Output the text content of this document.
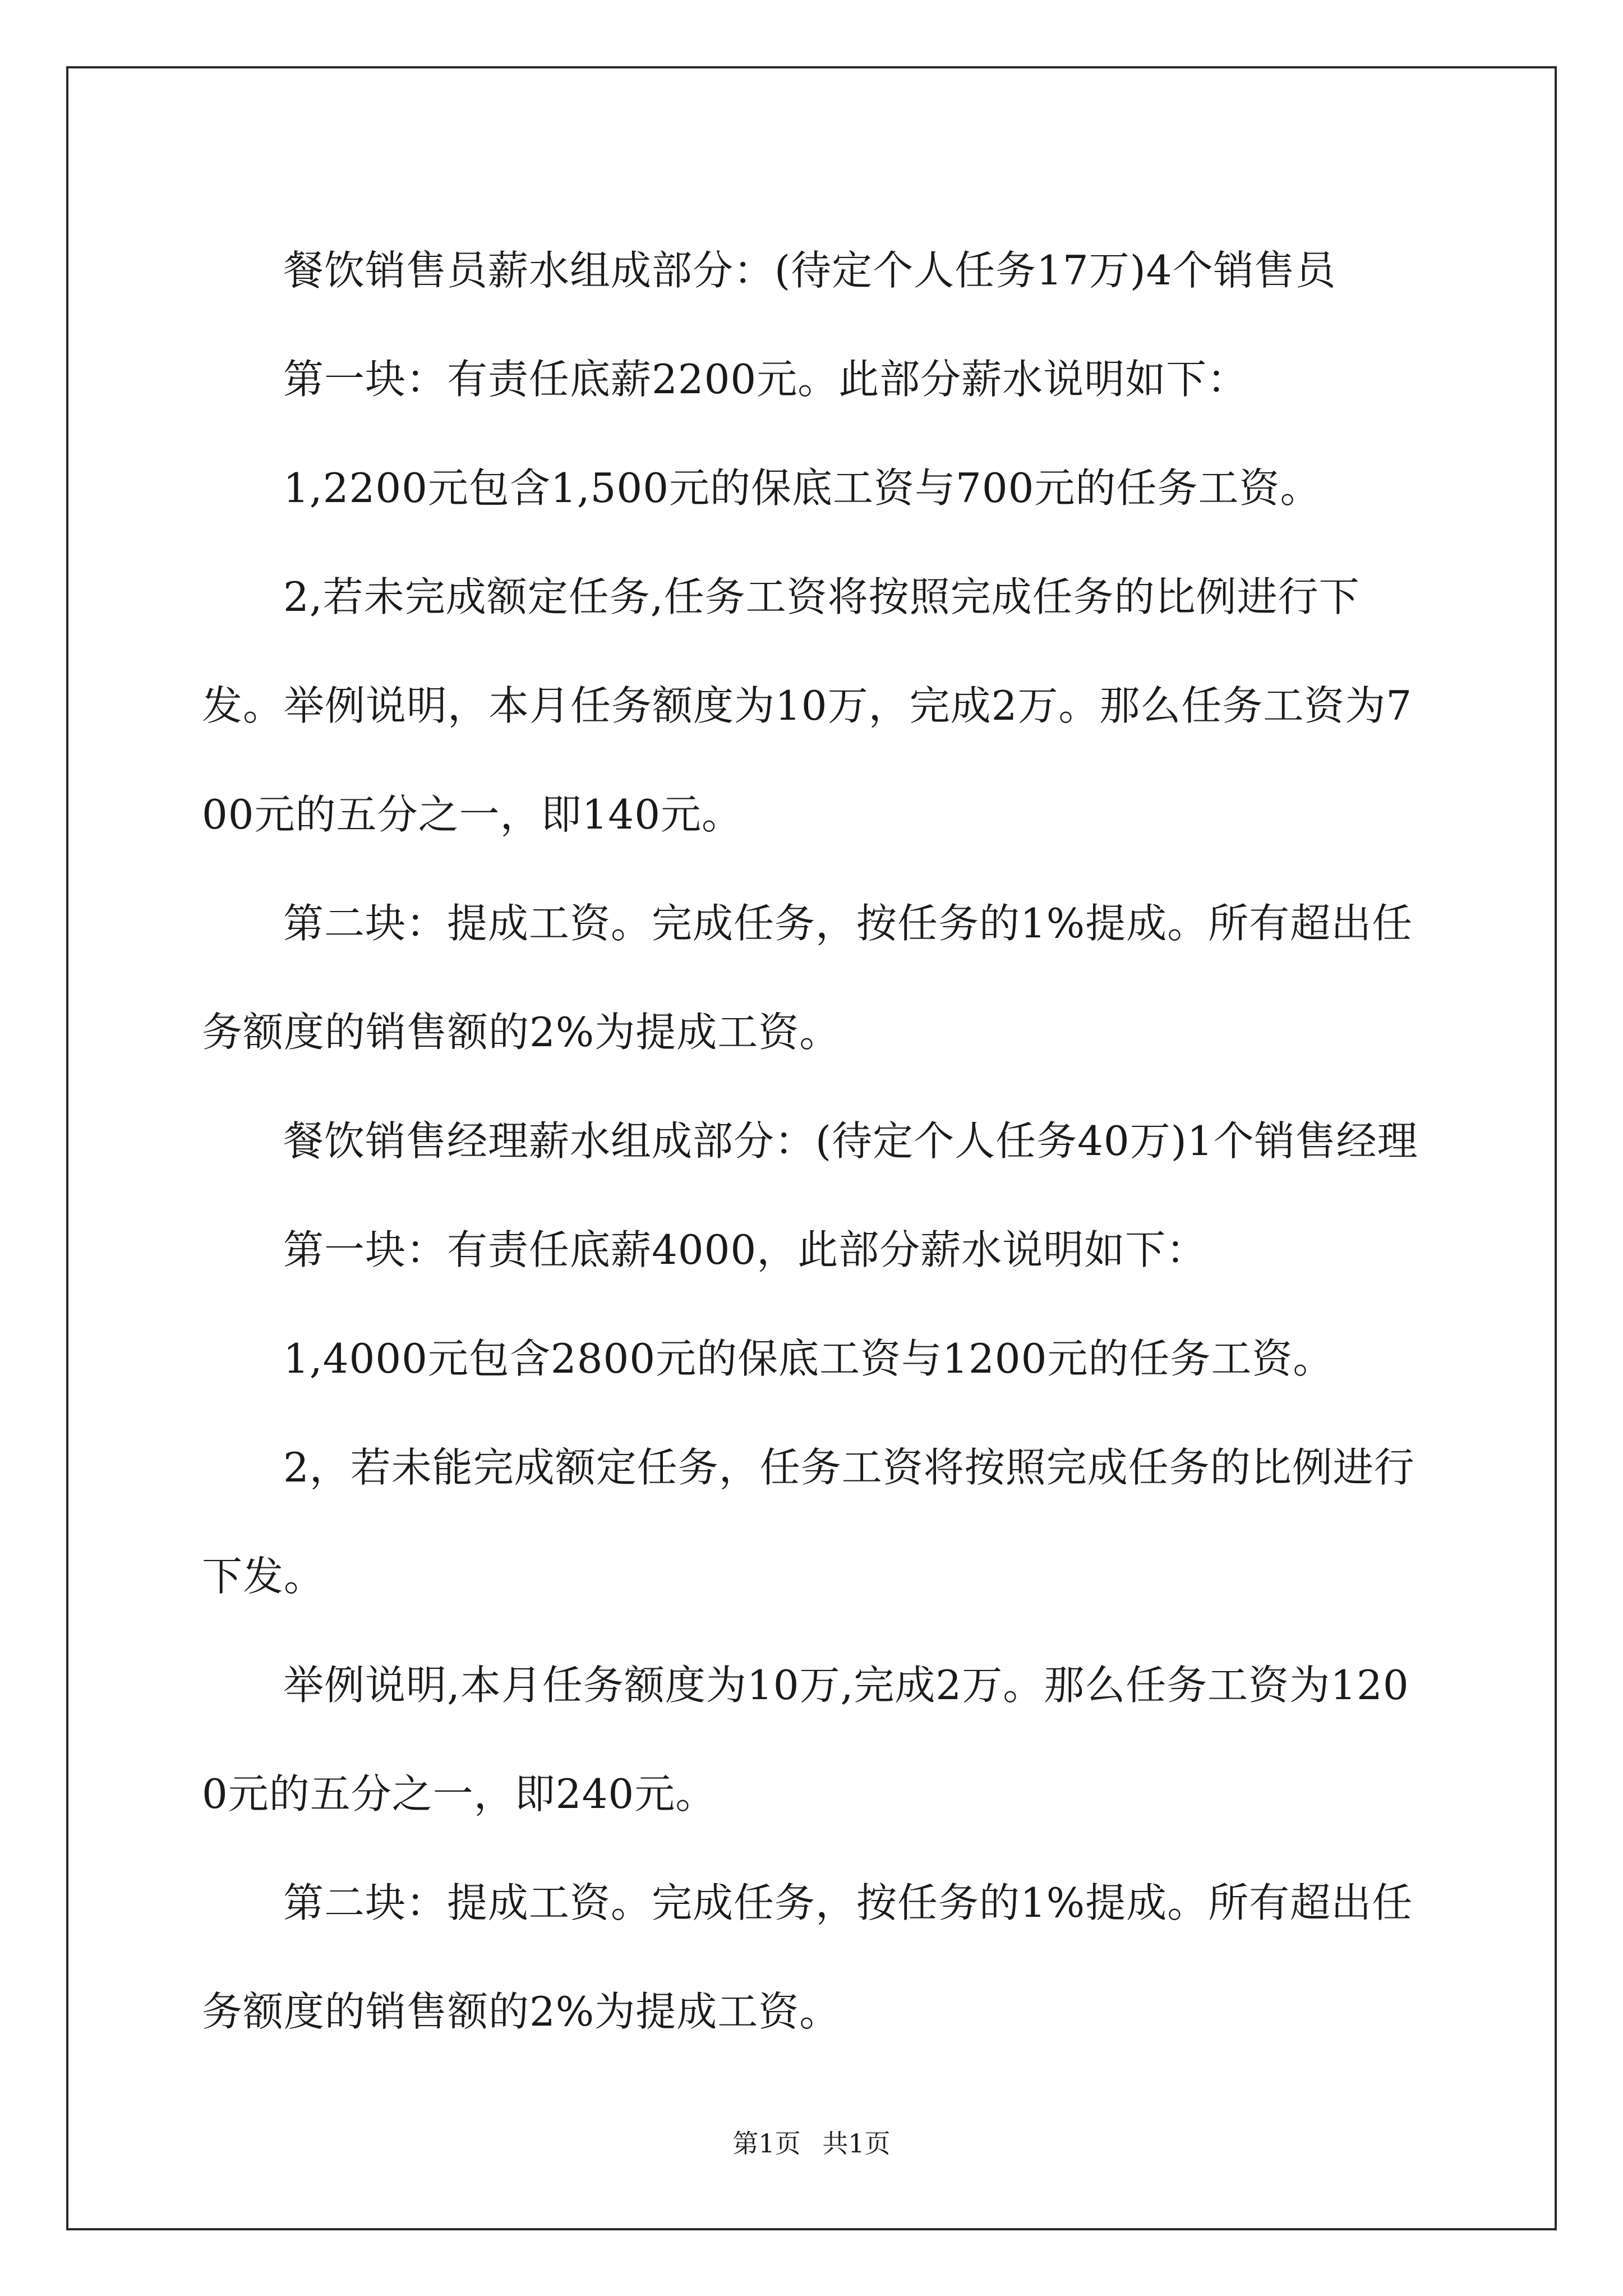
餐饮销售员薪水组成部分：(待定个人任务17万)4个销售员

第一块：有责任底薪2200元。此部分薪水说明如下：

1,2200元包含1,500元的保底工资与700元的任务工资。

2,若未完成额定任务,任务工资将按照完成任务的比例进行下发。举例说明，本月任务额度为10万，完成2万。那么任务工资为700元的五分之一，即140元。

第二块：提成工资。完成任务，按任务的1%提成。所有超出任务额度的销售额的2%为提成工资。

餐饮销售经理薪水组成部分：(待定个人任务40万)1个销售经理

第一块：有责任底薪4000，此部分薪水说明如下：

1,4000元包含2800元的保底工资与1200元的任务工资。

2，若未能完成额定任务，任务工资将按照完成任务的比例进行下发。

举例说明,本月任务额度为10万,完成2万。那么任务工资为1200元的五分之一，即240元。

第二块：提成工资。完成任务，按任务的1%提成。所有超出任务额度的销售额的2%为提成工资。

第1页 共1页
